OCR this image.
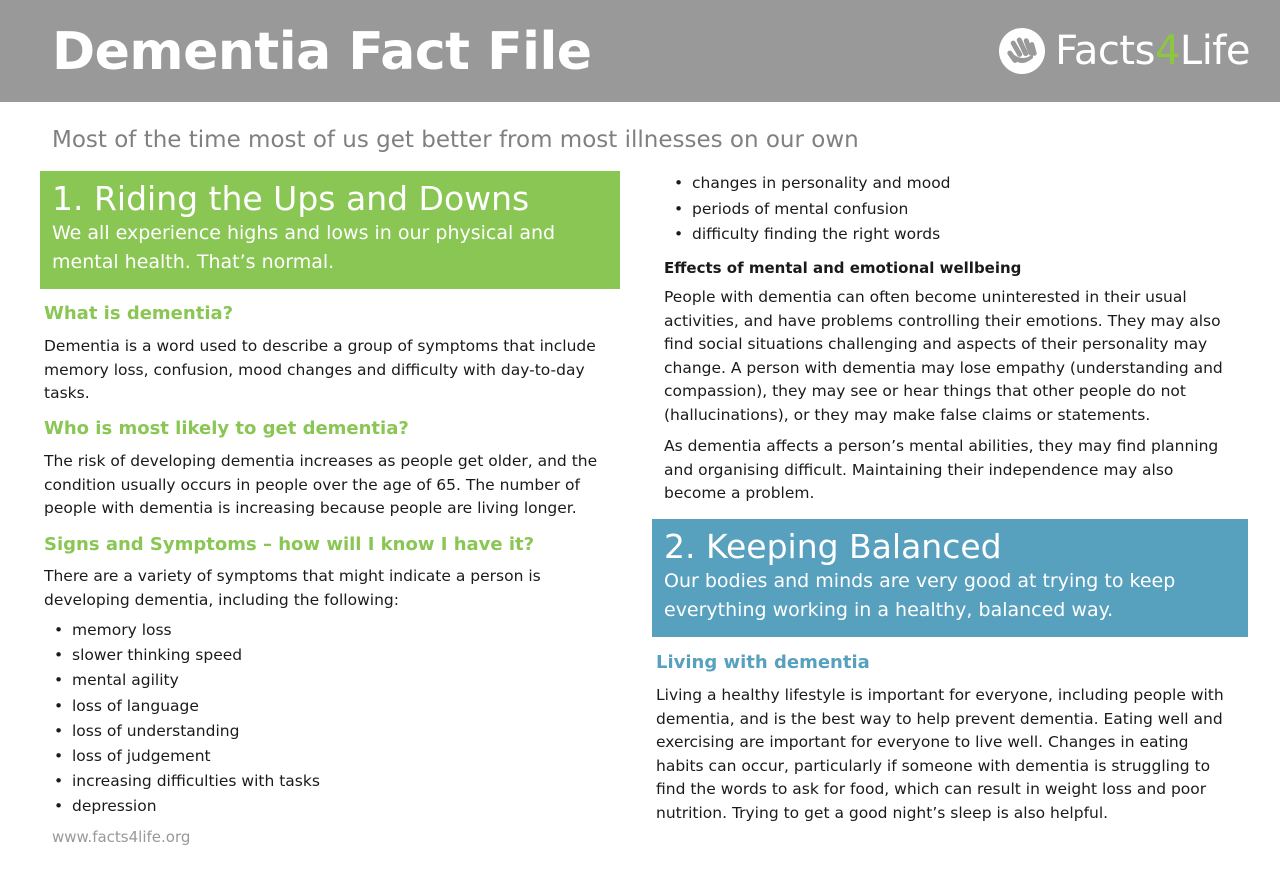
Dementia Fact File	Facts4Life
Most of the time most of us get better from most illnesses on our own
1. Riding the Ups and Downs
We all experience highs and lows in our physical and mental health. That’s normal.
What is dementia?
Dementia is a word used to describe a group of symptoms that include memory loss, confusion, mood changes and difficulty with day-to-day tasks.
Who is most likely to get dementia?
The risk of developing dementia increases as people get older, and the condition usually occurs in people over the age of 65. The number of people with dementia is increasing because people are living longer.
Signs and Symptoms – how will I know I have it?
There are a variety of symptoms that might indicate a person is developing dementia, including the following:
• memory loss
• slower thinking speed
• mental agility
• loss of language
• loss of understanding
• loss of judgement
• increasing difficulties with tasks
• depression
www.facts4life.org
• changes in personality and mood
• periods of mental confusion
• difficulty finding the right words
Effects of mental and emotional wellbeing
People with dementia can often become uninterested in their usual activities, and have problems controlling their emotions. They may also find social situations challenging and aspects of their personality may change. A person with dementia may lose empathy (understanding and compassion), they may see or hear things that other people do not (hallucinations), or they may make false claims or statements.
As dementia affects a person’s mental abilities, they may find planning and organising difficult. Maintaining their independence may also become a problem.
2. Keeping Balanced
Our bodies and minds are very good at trying to keep everything working in a healthy, balanced way.
Living with dementia
Living a healthy lifestyle is important for everyone, including people with dementia, and is the best way to help prevent dementia. Eating well and exercising are important for everyone to live well. Changes in eating habits can occur, particularly if someone with dementia is struggling to find the words to ask for food, which can result in weight loss and poor nutrition. Trying to get a good night’s sleep is also helpful.
